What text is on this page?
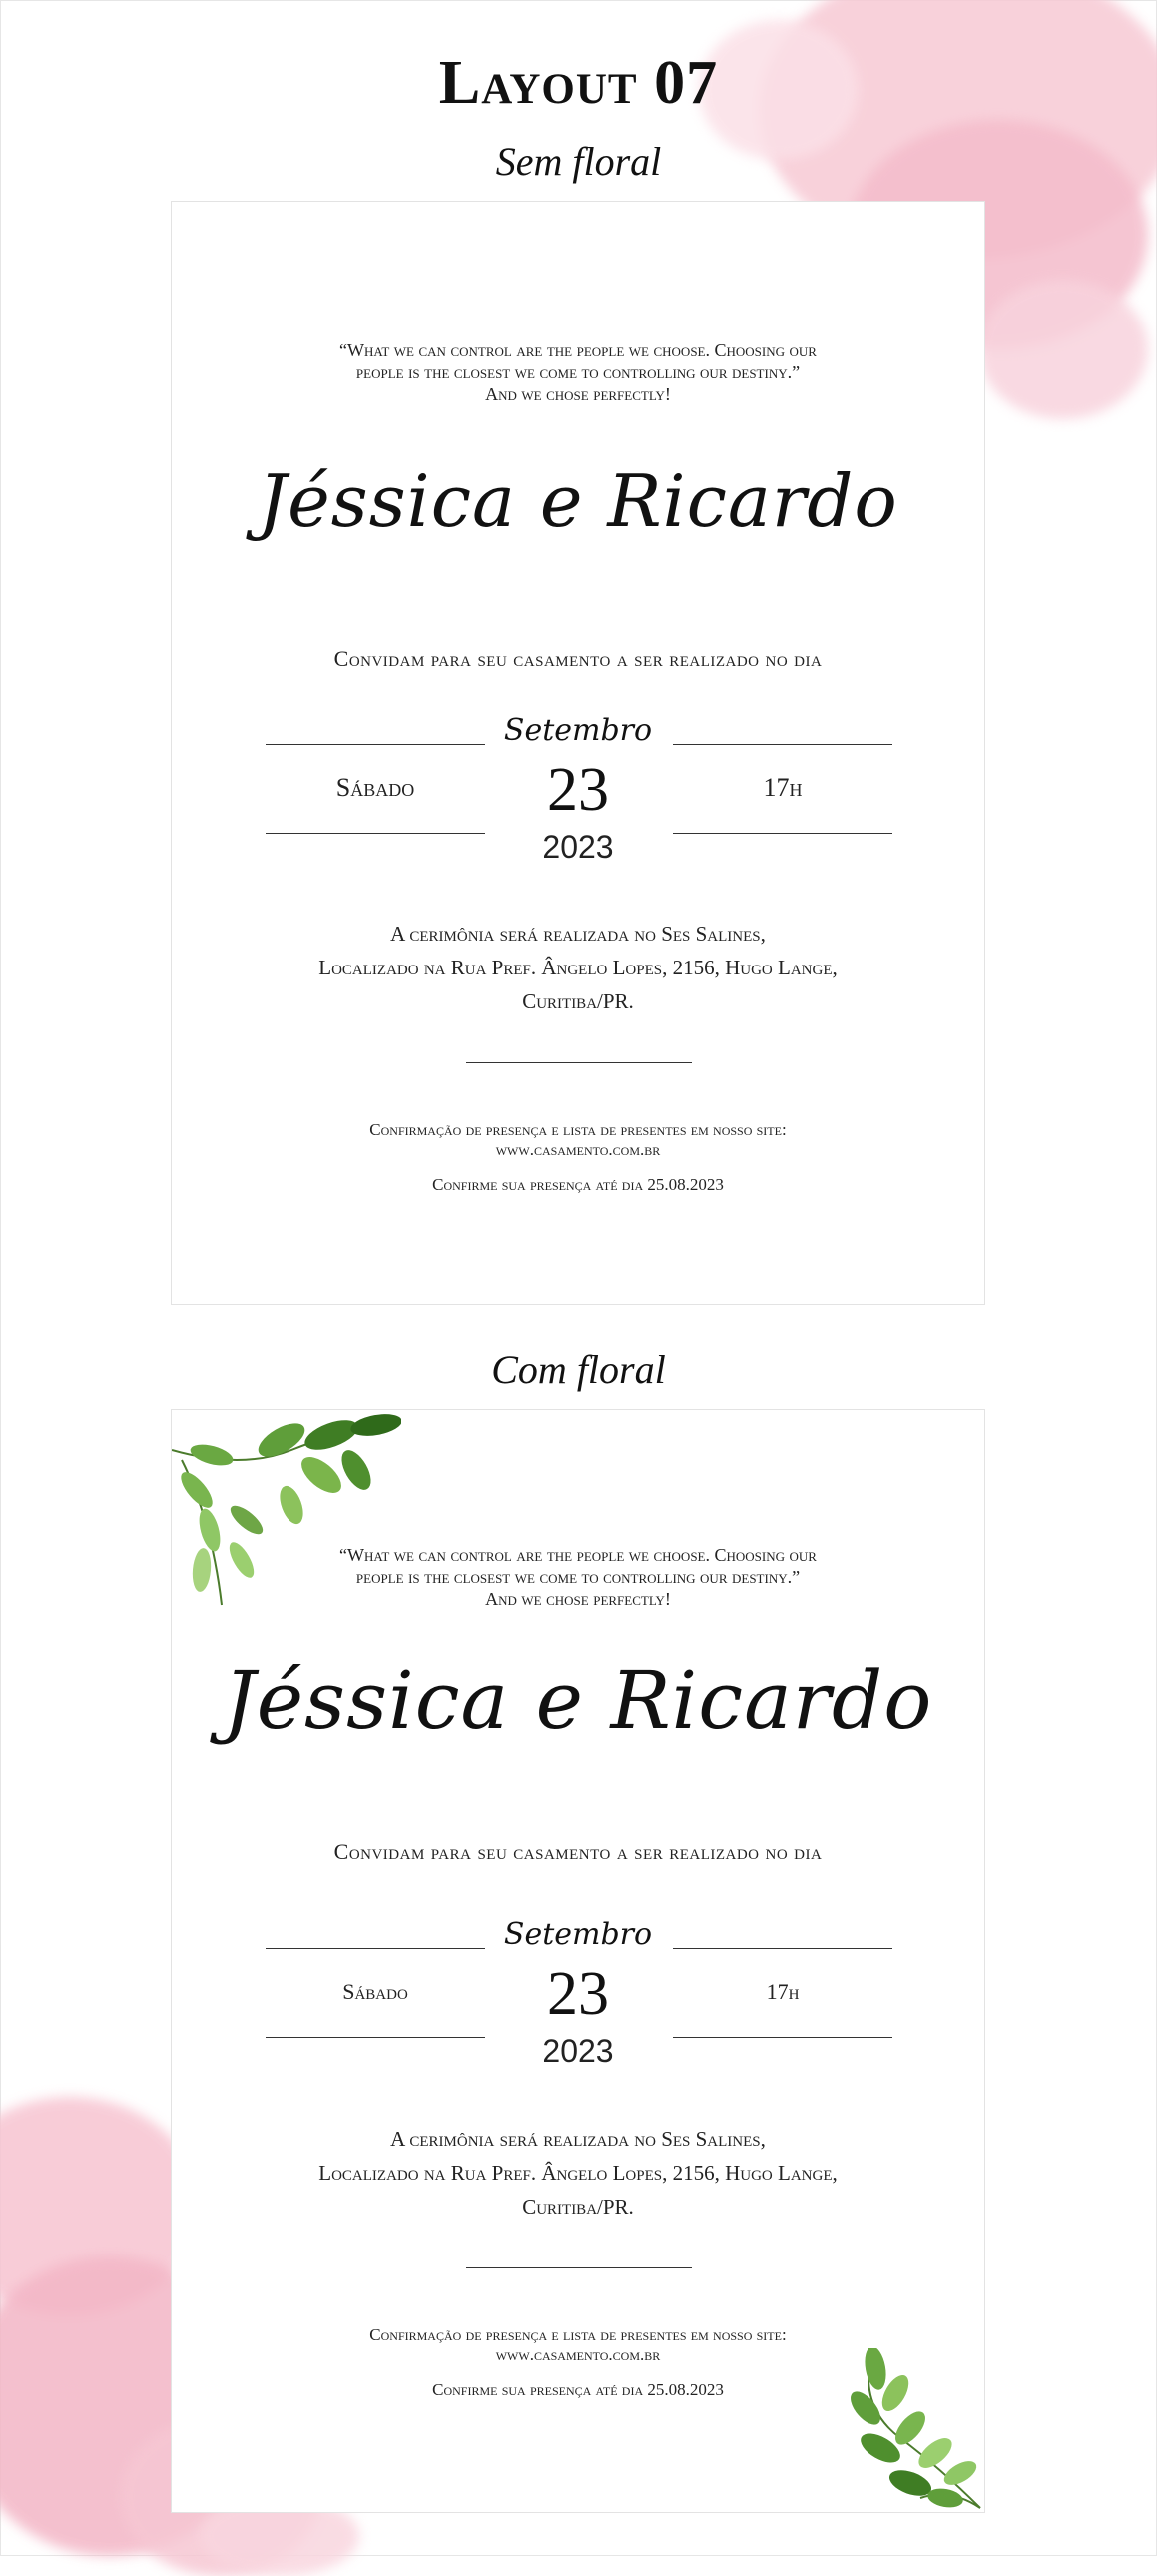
Layout 07
Sem floral
“What we can control are the people we choose. Choosing our
people is the closest we come to controlling our destiny.”
And we chose perfectly!
Jéssica e Ricardo
Convidam para seu casamento a ser realizado no dia
Sábado	17h
Setembro
23
2023
A cerimônia será realizada no Ses Salines,
Localizado na Rua Pref. Ângelo Lopes, 2156, Hugo Lange,
Curitiba/PR.
Confirmação de presença e lista de presentes em nosso site:
www.casamento.com.br
Confirme sua presença até dia 25.08.2023
Com floral
“What we can control are the people we choose. Choosing our
people is the closest we come to controlling our destiny.”
And we chose perfectly!
Jéssica e Ricardo
Convidam para seu casamento a ser realizado no dia
Sábado	17h
Setembro
23
2023
A cerimônia será realizada no Ses Salines,
Localizado na Rua Pref. Ângelo Lopes, 2156, Hugo Lange,
Curitiba/PR.
Confirmação de presença e lista de presentes em nosso site:
www.casamento.com.br
Confirme sua presença até dia 25.08.2023
